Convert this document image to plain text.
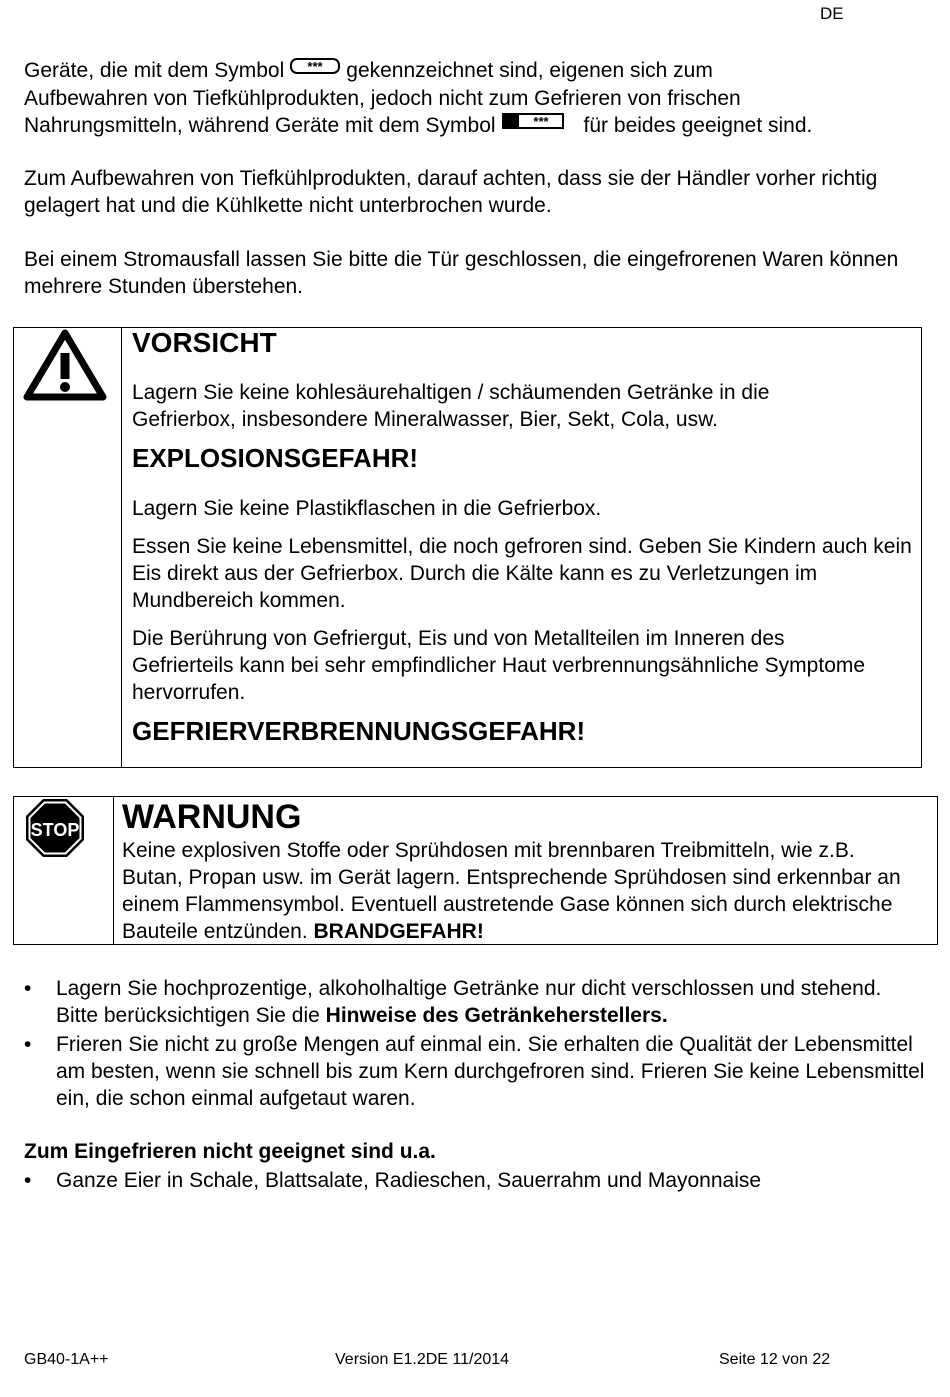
DE

Geräte, die mit dem Symbol *** gekennzeichnet sind, eigenen sich zum
Aufbewahren von Tiefkühlprodukten, jedoch nicht zum Gefrieren von frischen
Nahrungsmitteln, während Geräte mit dem Symbol	*** für beides geeignet sind.

Zum Aufbewahren von Tiefkühlprodukten, darauf achten, dass sie der Händler vorher richtig gelagert hat und die Kühlkette nicht unterbrochen wurde.

Bei einem Stromausfall lassen Sie bitte die Tür geschlossen, die eingefrorenen Waren können mehrere Stunden überstehen.

VORSICHT

Lagern Sie keine kohlesäurehaltigen / schäumenden Getränke in die Gefrierbox, insbesondere Mineralwasser, Bier, Sekt, Cola, usw.

EXPLOSIONSGEFAHR!

Lagern Sie keine Plastikflaschen in die Gefrierbox.

Essen Sie keine Lebensmittel, die noch gefroren sind. Geben Sie Kindern auch kein Eis direkt aus der Gefrierbox. Durch die Kälte kann es zu Verletzungen im Mundbereich kommen.

Die Berührung von Gefriergut, Eis und von Metallteilen im Inneren des Gefrierteils kann bei sehr empfindlicher Haut verbrennungsähnliche Symptome hervorrufen.

GEFRIERVERBRENNUNGSGEFAHR!
STOP WARNUNG

Keine explosiven Stoffe oder Sprühdosen mit brennbaren Treibmitteln, wie z.B. Butan, Propan usw. im Gerät lagern. Entsprechende Sprühdosen sind erkennbar an einem Flammensymbol. Eventuell austretende Gase können sich durch elektrische Bauteile entzünden. BRANDGEFAHR!

• Lagern Sie hochprozentige, alkoholhaltige Getränke nur dicht verschlossen und stehend. Bitte berücksichtigen Sie die Hinweise des Getränkeherstellers.

• Frieren Sie nicht zu große Mengen auf einmal ein. Sie erhalten die Qualität der Lebensmittel am besten, wenn sie schnell bis zum Kern durchgefroren sind. Frieren Sie keine Lebensmittel ein, die schon einmal aufgetaut waren.

Zum Eingefrieren nicht geeignet sind u.a.

• Ganze Eier in Schale, Blattsalate, Radieschen, Sauerrahm und Mayonnaise

GB40-1A++	Version E1.2DE 11/2014	Seite 12 von 22
